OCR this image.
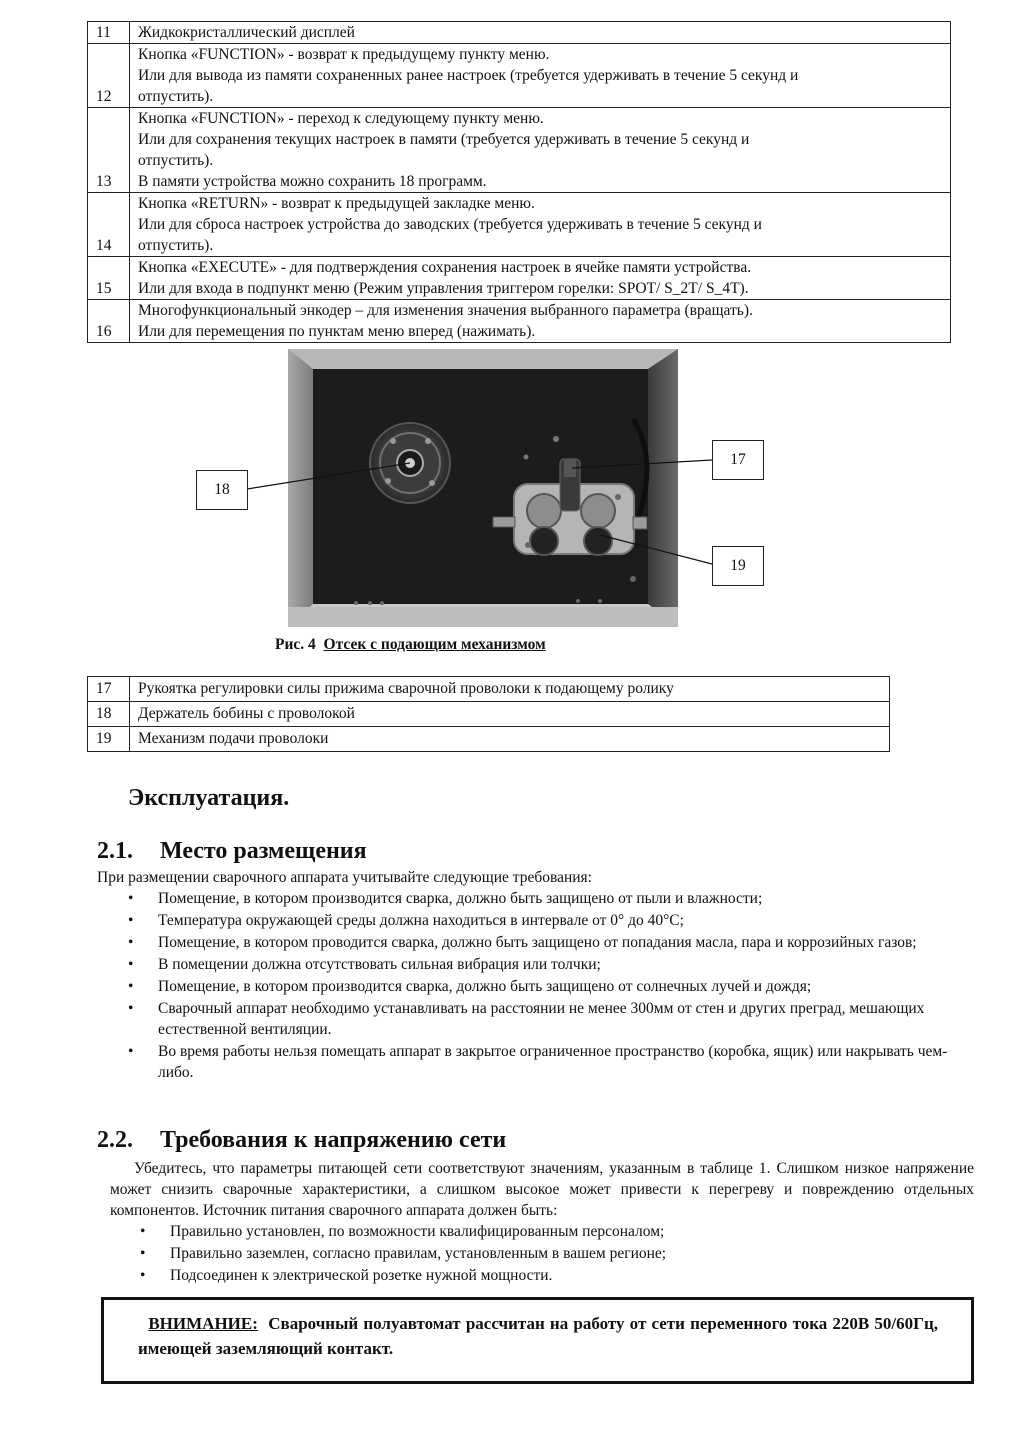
11	Жидкокристаллический дисплей

12	Кнопка «FUNCTION» - возврат к предыдущему пункту меню.
Или для вывода из памяти сохраненных ранее настроек (требуется удерживать в течение 5 секунд и
отпустить).

13	Кнопка «FUNCTION» - переход к следующему пункту меню.
Или для сохранения текущих настроек в памяти (требуется удерживать в течение 5 секунд и
отпустить).
В памяти устройства можно сохранить 18 программ.

14	Кнопка «RETURN» - возврат к предыдущей закладке меню.
Или для сброса настроек устройства до заводских (требуется удерживать в течение 5 секунд и
отпустить).

15	Кнопка «EXECUTE» - для подтверждения сохранения настроек в ячейке памяти устройства.
Или для входа в подпункт меню (Режим управления триггером горелки: SPOT/ S_2T/ S_4T).

16	Многофункциональный энкодер – для изменения значения выбранного параметра (вращать).
Или для перемещения по пунктам меню вперед (нажимать).
18
17
19
Рис. 4 Отсек с подающим механизмом
17	Рукоятка регулировки силы прижима сварочной проволоки к подающему ролику
18	Держатель бобины с проволокой
19	Механизм подачи проволоки
Эксплуатация.
2.1. Место размещения
При размещении сварочного аппарата учитывайте следующие требования:
• Помещение, в котором производится сварка, должно быть защищено от пыли и влажности;
• Температура окружающей среды должна находиться в интервале от 0° до 40°С;
• Помещение, в котором проводится сварка, должно быть защищено от попадания масла, пара и коррозийных газов;
• В помещении должна отсутствовать сильная вибрация или толчки;
• Помещение, в котором производится сварка, должно быть защищено от солнечных лучей и дождя;
• Сварочный аппарат необходимо устанавливать на расстоянии не менее 300мм от стен и других преград, мешающих естественной вентиляции.
• Во время работы нельзя помещать аппарат в закрытое ограниченное пространство (коробка, ящик) или накрывать чем-либо.
2.2. Требования к напряжению сети
Убедитесь, что параметры питающей сети соответствуют значениям, указанным в таблице 1. Слишком низкое напряжение может снизить сварочные характеристики, а слишком высокое может привести к перегреву и повреждению отдельных компонентов. Источник питания сварочного аппарата должен быть:
• Правильно установлен, по возможности квалифицированным персоналом;
• Правильно заземлен, согласно правилам, установленным в вашем регионе;
• Подсоединен к электрической розетке нужной мощности.
ВНИМАНИЕ: Сварочный полуавтомат рассчитан на работу от сети переменного тока 220В 50/60Гц, имеющей заземляющий контакт.
